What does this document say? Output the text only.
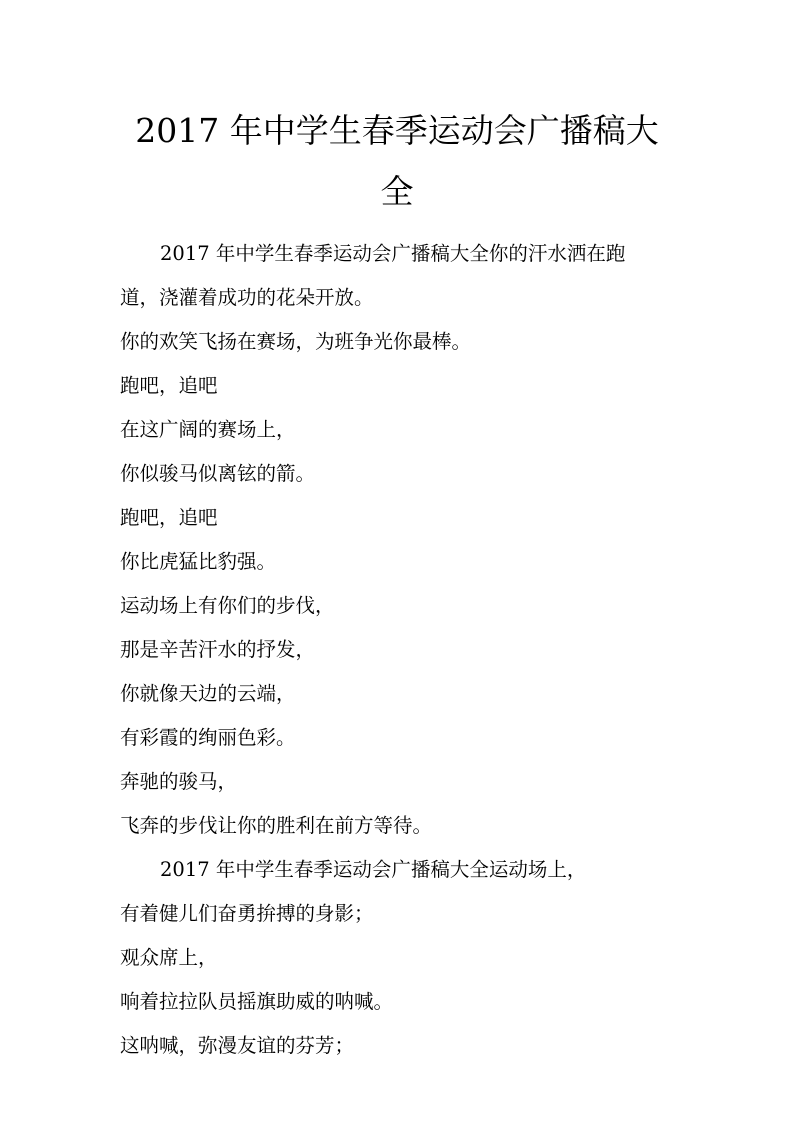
2017 年中学生春季运动会广播稿大
全

2017 年中学生春季运动会广播稿大全你的汗水洒在跑

道，浇灌着成功的花朵开放。

你的欢笑飞扬在赛场，为班争光你最棒。

跑吧，追吧

在这广阔的赛场上，

你似骏马似离铉的箭。

跑吧，追吧

你比虎猛比豹强。

运动场上有你们的步伐，

那是辛苦汗水的抒发，

你就像天边的云端，

有彩霞的绚丽色彩。

奔驰的骏马，

飞奔的步伐让你的胜利在前方等待。

2017 年中学生春季运动会广播稿大全运动场上，

有着健儿们奋勇拚搏的身影；

观众席上，

响着拉拉队员摇旗助威的呐喊。

这呐喊，弥漫友谊的芬芳；
